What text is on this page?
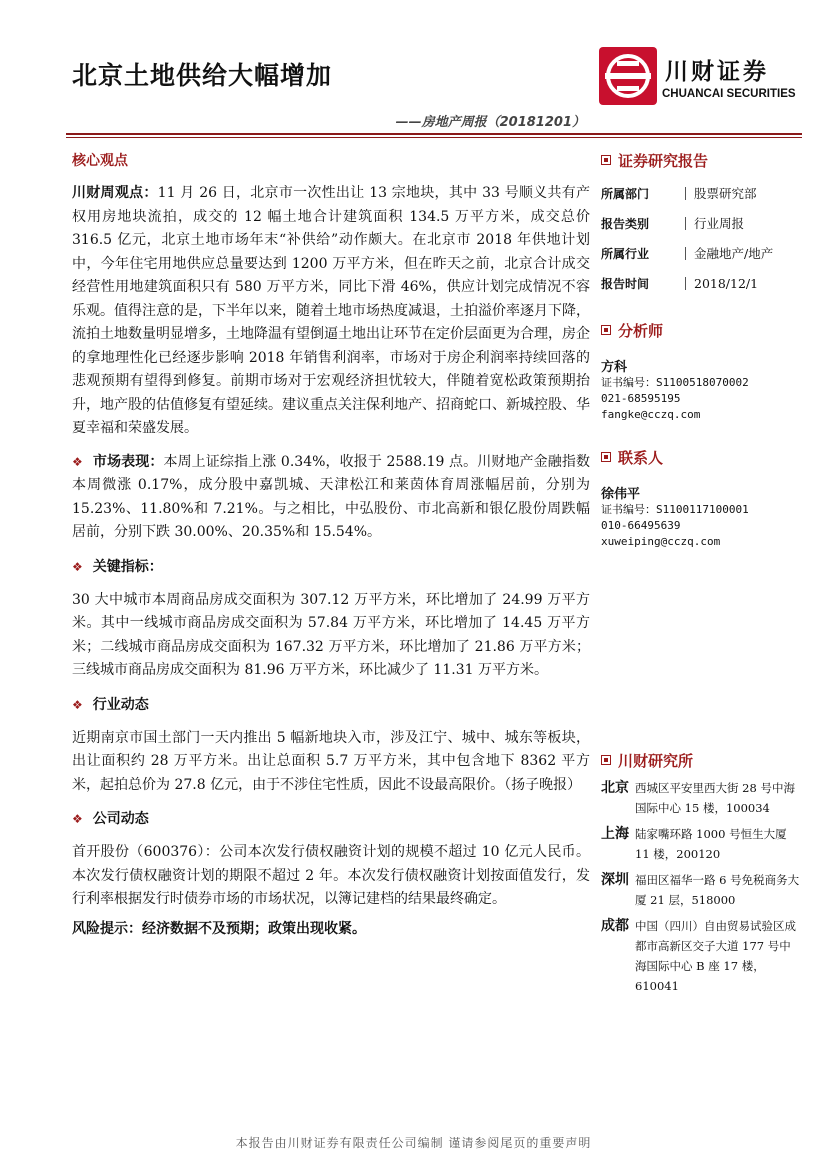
北京土地供给大幅增加	川财证券
CHUANCAI SECURITIES
——房地产周报（20181201）
核心观点

川财周观点：11 月 26 日，北京市一次性出让 13 宗地块，其中 33 号顺义共有产权用房地块流拍，成交的 12 幅土地合计建筑面积 134.5 万平方米，成交总价 316.5 亿元，北京土地市场年末“补供给”动作颇大。在北京市 2018 年供地计划中，今年住宅用地供应总量要达到 1200 万平方米，但在昨天之前，北京合计成交经营性用地建筑面积只有 580 万平方米，同比下滑 46%，供应计划完成情况不容乐观。值得注意的是，下半年以来，随着土地市场热度减退，土拍溢价率逐月下降，流拍土地数量明显增多，土地降温有望倒逼土地出让环节在定价层面更为合理，房企的拿地理性化已经逐步影响 2018 年销售利润率，市场对于房企利润率持续回落的悲观预期有望得到修复。前期市场对于宏观经济担忧较大，伴随着宽松政策预期抬升，地产股的估值修复有望延续。建议重点关注保利地产、招商蛇口、新城控股、华夏幸福和荣盛发展。

❖ 市场表现：本周上证综指上涨 0.34%，收报于 2588.19 点。川财地产金融指数本周微涨 0.17%，成分股中嘉凯城、天津松江和莱茵体育周涨幅居前，分别为 15.23%、11.80%和 7.21%。与之相比，中弘股份、市北高新和银亿股份周跌幅居前，分别下跌 30.00%、20.35%和 15.54%。

❖ 关键指标：

30 大中城市本周商品房成交面积为 307.12 万平方米，环比增加了 24.99 万平方米。其中一线城市商品房成交面积为 57.84 万平方米，环比增加了 14.45 万平方米；二线城市商品房成交面积为 167.32 万平方米，环比增加了 21.86 万平方米；三线城市商品房成交面积为 81.96 万平方米，环比减少了 11.31 万平方米。

❖ 行业动态

近期南京市国土部门一天内推出 5 幅新地块入市，涉及江宁、城中、城东等板块，出让面积约 28 万平方米。出让总面积 5.7 万平方米，其中包含地下 8362 平方米，起拍总价为 27.8 亿元，由于不涉住宅性质，因此不设最高限价。（扬子晚报）

❖ 公司动态

首开股份（600376）：公司本次发行债权融资计划的规模不超过 10 亿元人民币。本次发行债权融资计划的期限不超过 2 年。本次发行债权融资计划按面值发行，发行利率根据发行时债券市场的市场状况，以簿记建档的结果最终确定。

风险提示：经济数据不及预期；政策出现收紧。
证券研究报告
所属部门	股票研究部
报告类别	行业周报
所属行业	金融地产/地产
报告时间	2018/12/1
分析师
方科
证书编号：S1100518070002
021-68595195
fangke@cczq.com
联系人
徐伟平
证书编号：S1100117100001
010-66495639
xuweiping@cczq.com
川财研究所
北京 西城区平安里西大街 28 号中海国际中心 15 楼，100034
上海 陆家嘴环路 1000 号恒生大厦 11 楼，200120
深圳 福田区福华一路 6 号免税商务大厦 21 层，518000
成都 中国（四川）自由贸易试验区成都市高新区交子大道 177 号中海国际中心 B 座 17 楼，610041
本报告由川财证券有限责任公司编制 谨请参阅尾页的重要声明
